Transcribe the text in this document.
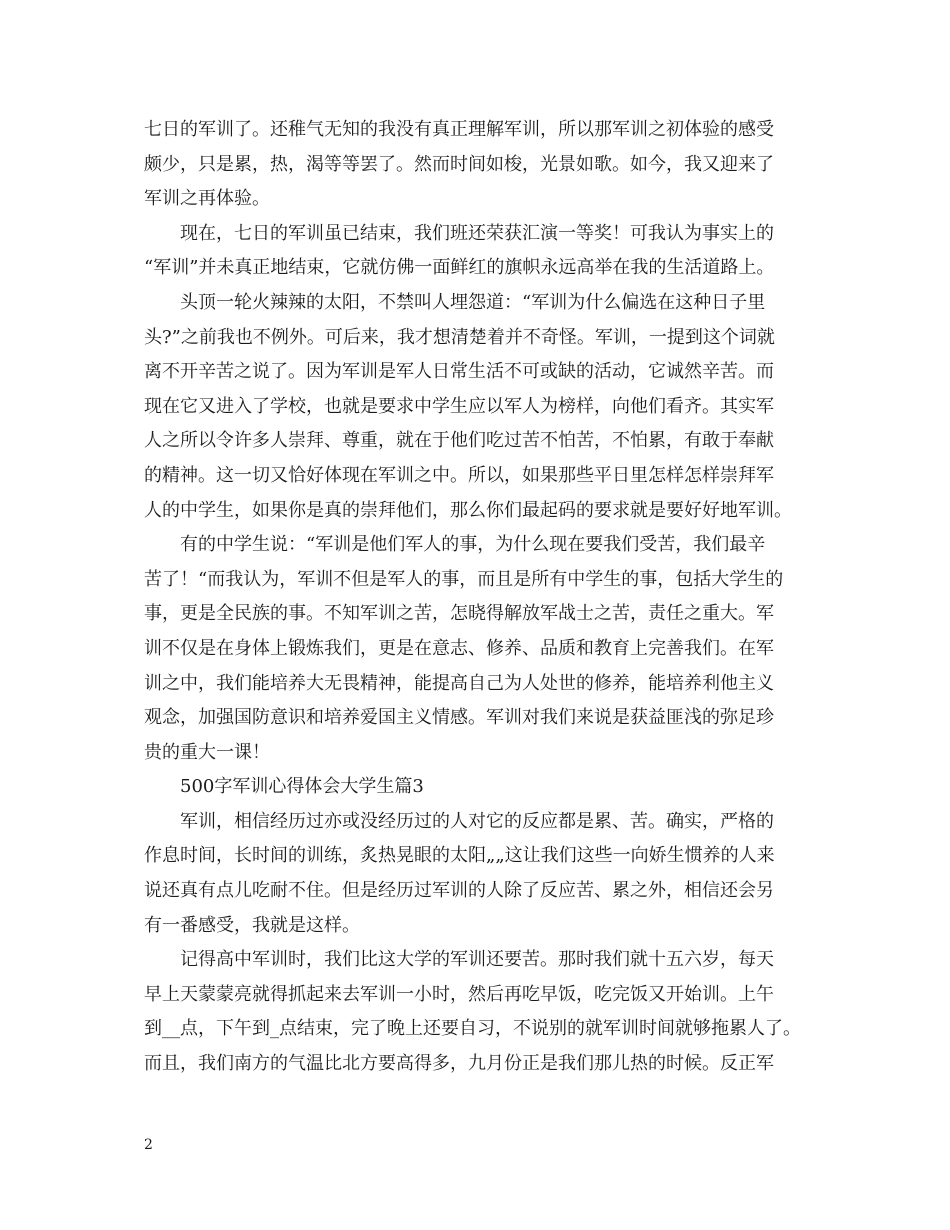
七日的军训了。还稚气无知的我没有真正理解军训，所以那军训之初体验的感受
颇少，只是累，热，渴等等罢了。然而时间如梭，光景如歌。如今，我又迎来了
军训之再体验。
现在，七日的军训虽已结束，我们班还荣获汇演一等奖！可我认为事实上的
“军训”并未真正地结束，它就仿佛一面鲜红的旗帜永远高举在我的生活道路上。
头顶一轮火辣辣的太阳，不禁叫人埋怨道：“军训为什么偏选在这种日子里
头?”之前我也不例外。可后来，我才想清楚着并不奇怪。军训，一提到这个词就
离不开辛苦之说了。因为军训是军人日常生活不可或缺的活动，它诚然辛苦。而
现在它又进入了学校，也就是要求中学生应以军人为榜样，向他们看齐。其实军
人之所以令许多人崇拜、尊重，就在于他们吃过苦不怕苦，不怕累，有敢于奉献
的精神。这一切又恰好体现在军训之中。所以，如果那些平日里怎样怎样崇拜军
人的中学生，如果你是真的崇拜他们，那么你们最起码的要求就是要好好地军训。
有的中学生说：“军训是他们军人的事，为什么现在要我们受苦，我们最辛
苦了！“而我认为，军训不但是军人的事，而且是所有中学生的事，包括大学生的
事，更是全民族的事。不知军训之苦，怎晓得解放军战士之苦，责任之重大。军
训不仅是在身体上锻炼我们，更是在意志、修养、品质和教育上完善我们。在军
训之中，我们能培养大无畏精神，能提高自己为人处世的修养，能培养利他主义
观念，加强国防意识和培养爱国主义情感。军训对我们来说是获益匪浅的弥足珍
贵的重大一课！
500字军训心得体会大学生篇3
军训，相信经历过亦或没经历过的人对它的反应都是累、苦。确实，严格的
作息时间，长时间的训练，炙热晃眼的太阳„„这让我们这些一向娇生惯养的人来
说还真有点儿吃耐不住。但是经历过军训的人除了反应苦、累之外，相信还会另
有一番感受，我就是这样。
记得高中军训时，我们比这大学的军训还要苦。那时我们就十五六岁，每天
早上天蒙蒙亮就得抓起来去军训一小时，然后再吃早饭，吃完饭又开始训。上午
到__点，下午到_点结束，完了晚上还要自习，不说别的就军训时间就够拖累人了。
而且，我们南方的气温比北方要高得多，九月份正是我们那儿热的时候。反正军
2
